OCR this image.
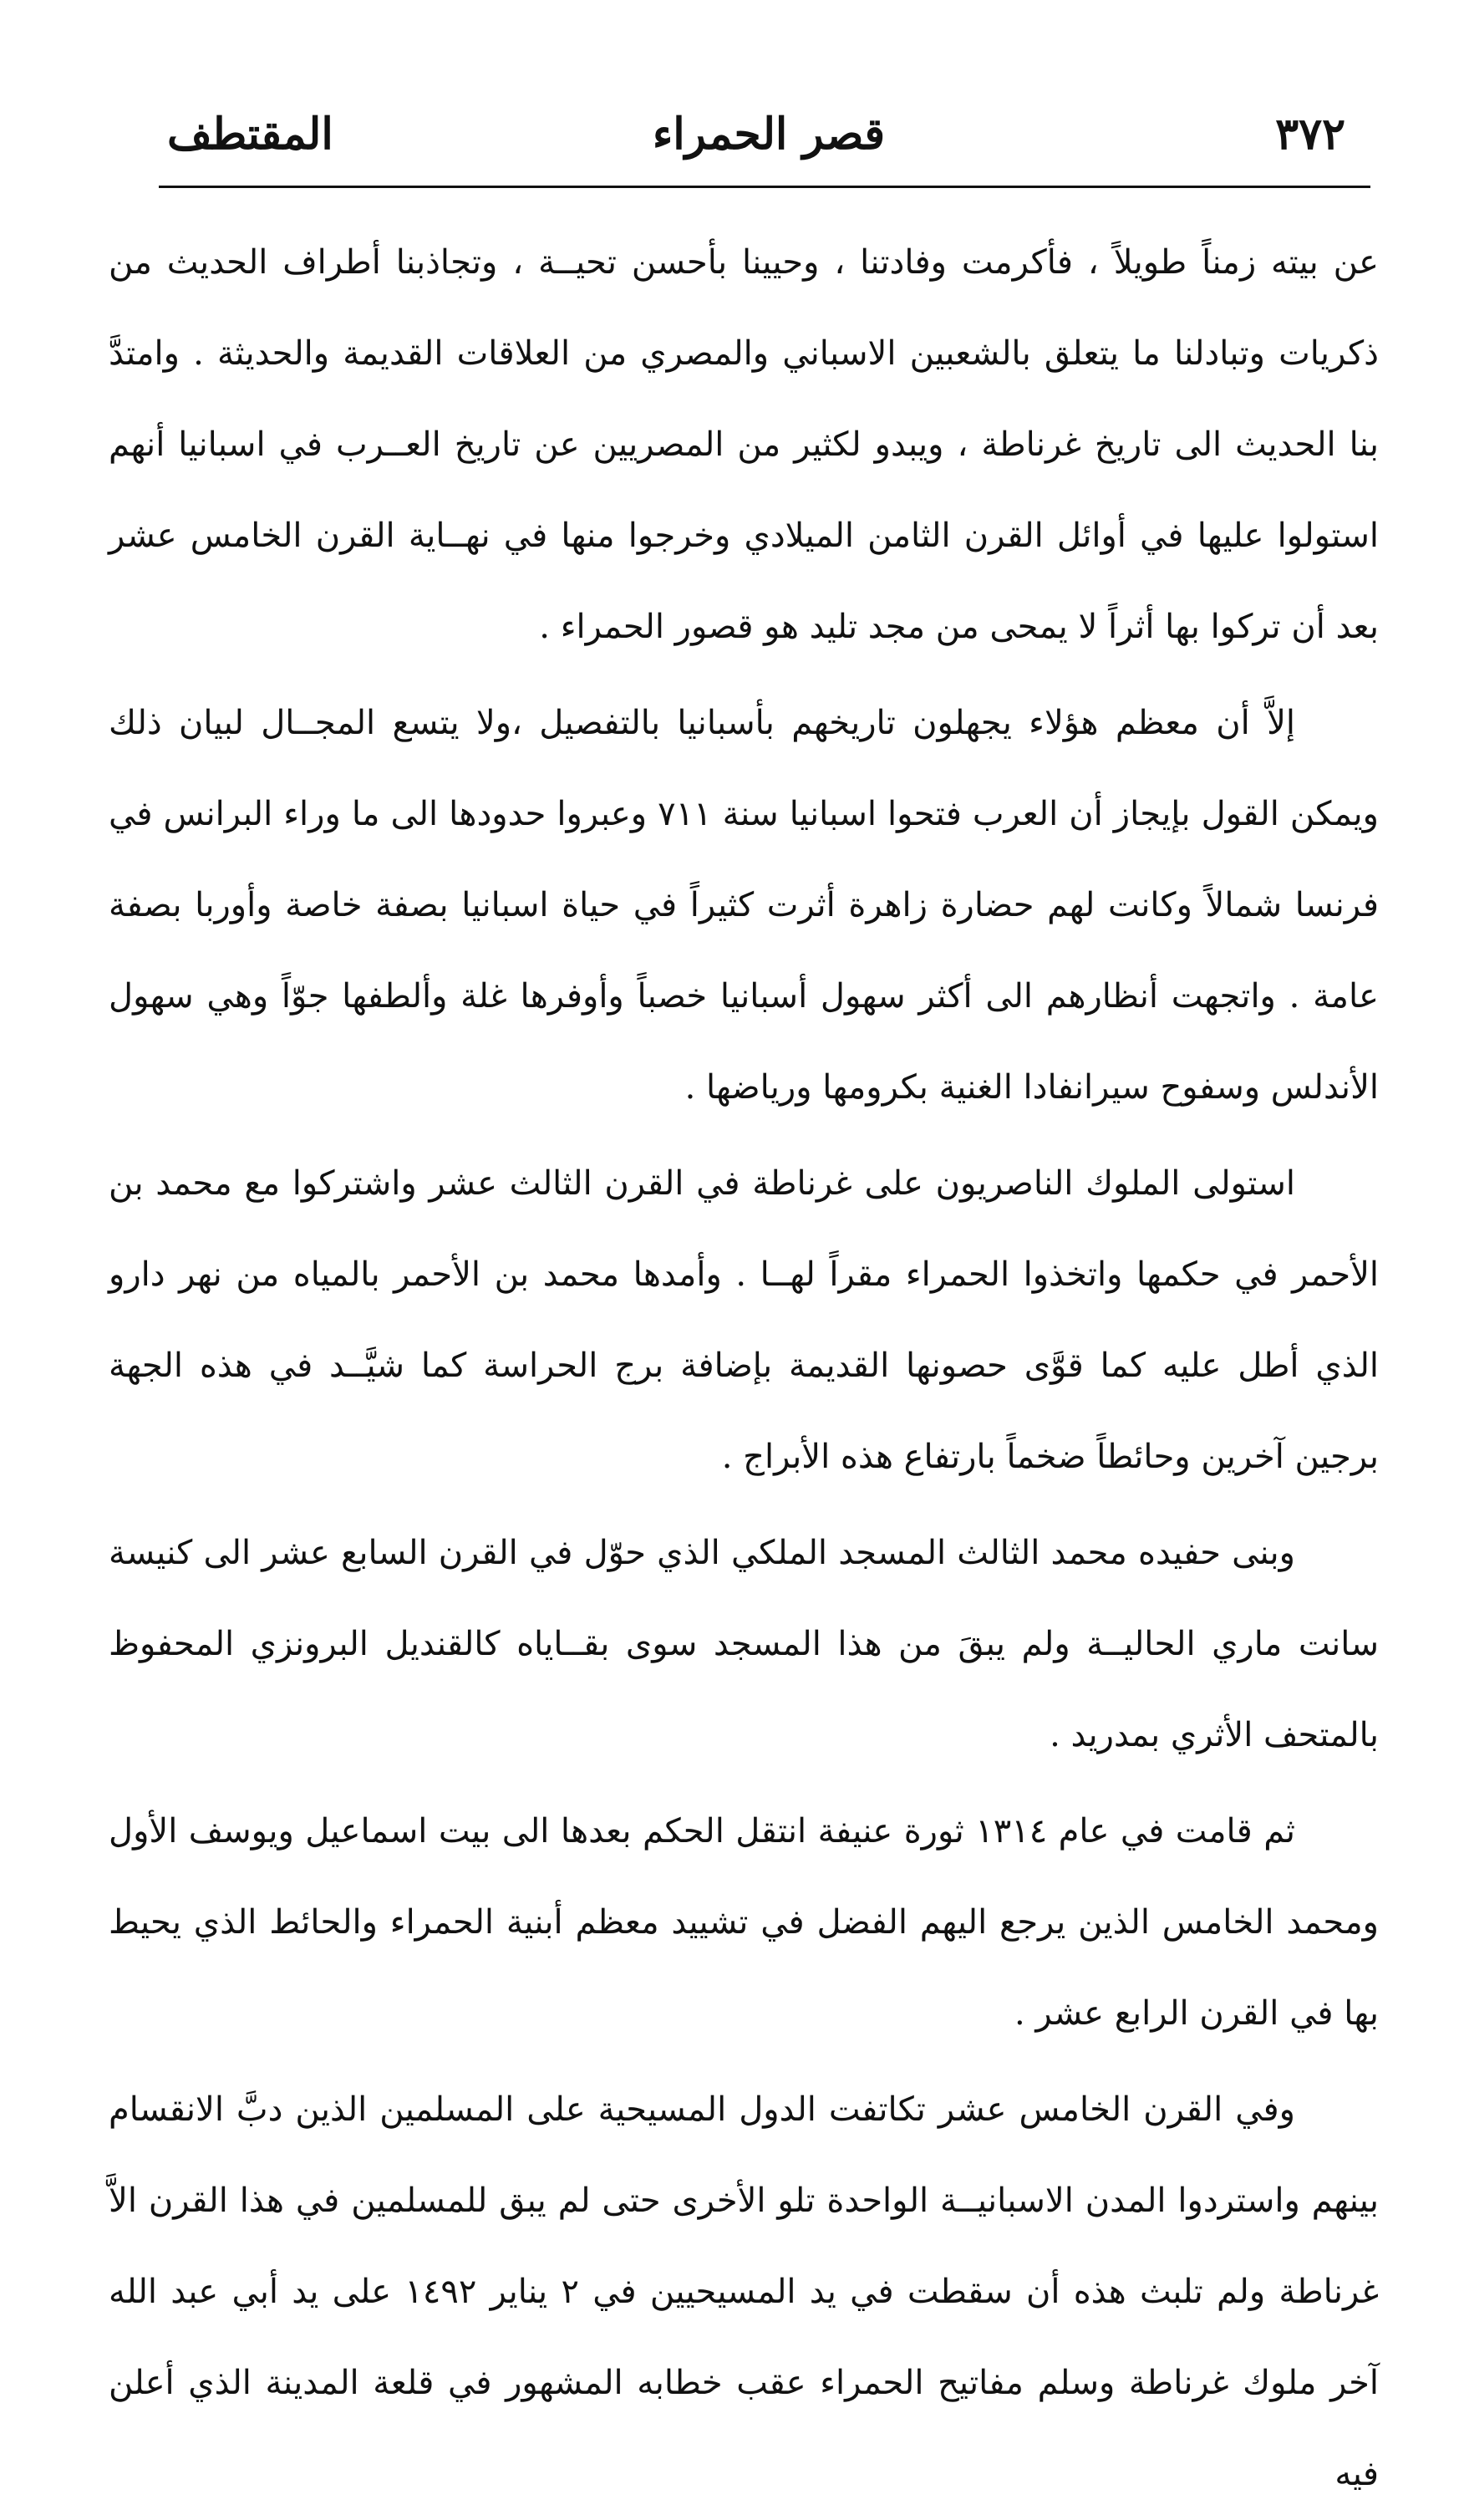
٣٧٢
قصر الحمراء
المقتطف

عن بيته زمناً طويلاً ، فأكرمت وفادتنا ، وحيينا بأحسن تحيــة ، وتجاذبنا أطراف الحديث من ذكريات وتبادلنا ما يتعلق بالشعبين الاسباني والمصري من العلاقات القديمة والحديثة . وامتدَّ بنا الحديث الى تاريخ غرناطة ، ويبدو لكثير من المصريين عن تاريخ العــرب في اسبانيا أنهم استولوا عليها في أوائل القرن الثامن الميلادي وخرجوا منها في نهــاية القرن الخامس عشر بعد أن تركوا بها أثراً لا يمحى من مجد تليد هو قصور الحمراء .

إلاَّ أن معظم هؤلاء يجهلون تاريخهم بأسبانيا بالتفصيل ،ولا يتسع المجــال لبيان ذلك ويمكن القول بإيجاز أن العرب فتحوا اسبانيا سنة ٧١١ وعبروا حدودها الى ما وراء البرانس في فرنسا شمالاً وكانت لهم حضارة زاهرة أثرت كثيراً في حياة اسبانيا بصفة خاصة وأوربا بصفة عامة . واتجهت أنظارهم الى أكثر سهول أسبانيا خصباً وأوفرها غلة وألطفها جوّاً وهي سهول الأندلس وسفوح سيرانفادا الغنية بكرومها ورياضها .

استولى الملوك الناصريون على غرناطة في القرن الثالث عشر واشتركوا مع محمد بن الأحمر في حكمها واتخذوا الحمراء مقراً لهــا . وأمدها محمد بن الأحمر بالمياه من نهر دارو الذي أطل عليه كما قوَّى حصونها القديمة بإضافة برج الحراسة كما شيَّــد في هذه الجهة برجين آخرين وحائطاً ضخماً بارتفاع هذه الأبراج .

وبنى حفيده محمد الثالث المسجد الملكي الذي حوّل في القرن السابع عشر الى كنيسة سانت ماري الحاليــة ولم يبقَ من هذا المسجد سوى بقــاياه كالقنديل البرونزي المحفوظ بالمتحف الأثري بمدريد .

ثم قامت في عام ١٣١٤ ثورة عنيفة انتقل الحكم بعدها الى بيت اسماعيل ويوسف الأول ومحمد الخامس الذين يرجع اليهم الفضل في تشييد معظم أبنية الحمراء والحائط الذي يحيط بها في القرن الرابع عشر .

وفي القرن الخامس عشر تكاتفت الدول المسيحية على المسلمين الذين دبَّ الانقسام بينهم واستردوا المدن الاسبانيــة الواحدة تلو الأخرى حتى لم يبق للمسلمين في هذا القرن الاَّ غرناطة ولم تلبث هذه أن سقطت في يد المسيحيين في ٢ يناير ١٤٩٢ على يد أبي عبد الله آخر ملوك غرناطة وسلم مفاتيح الحمراء عقب خطابه المشهور في قلعة المدينة الذي أعلن فيه
